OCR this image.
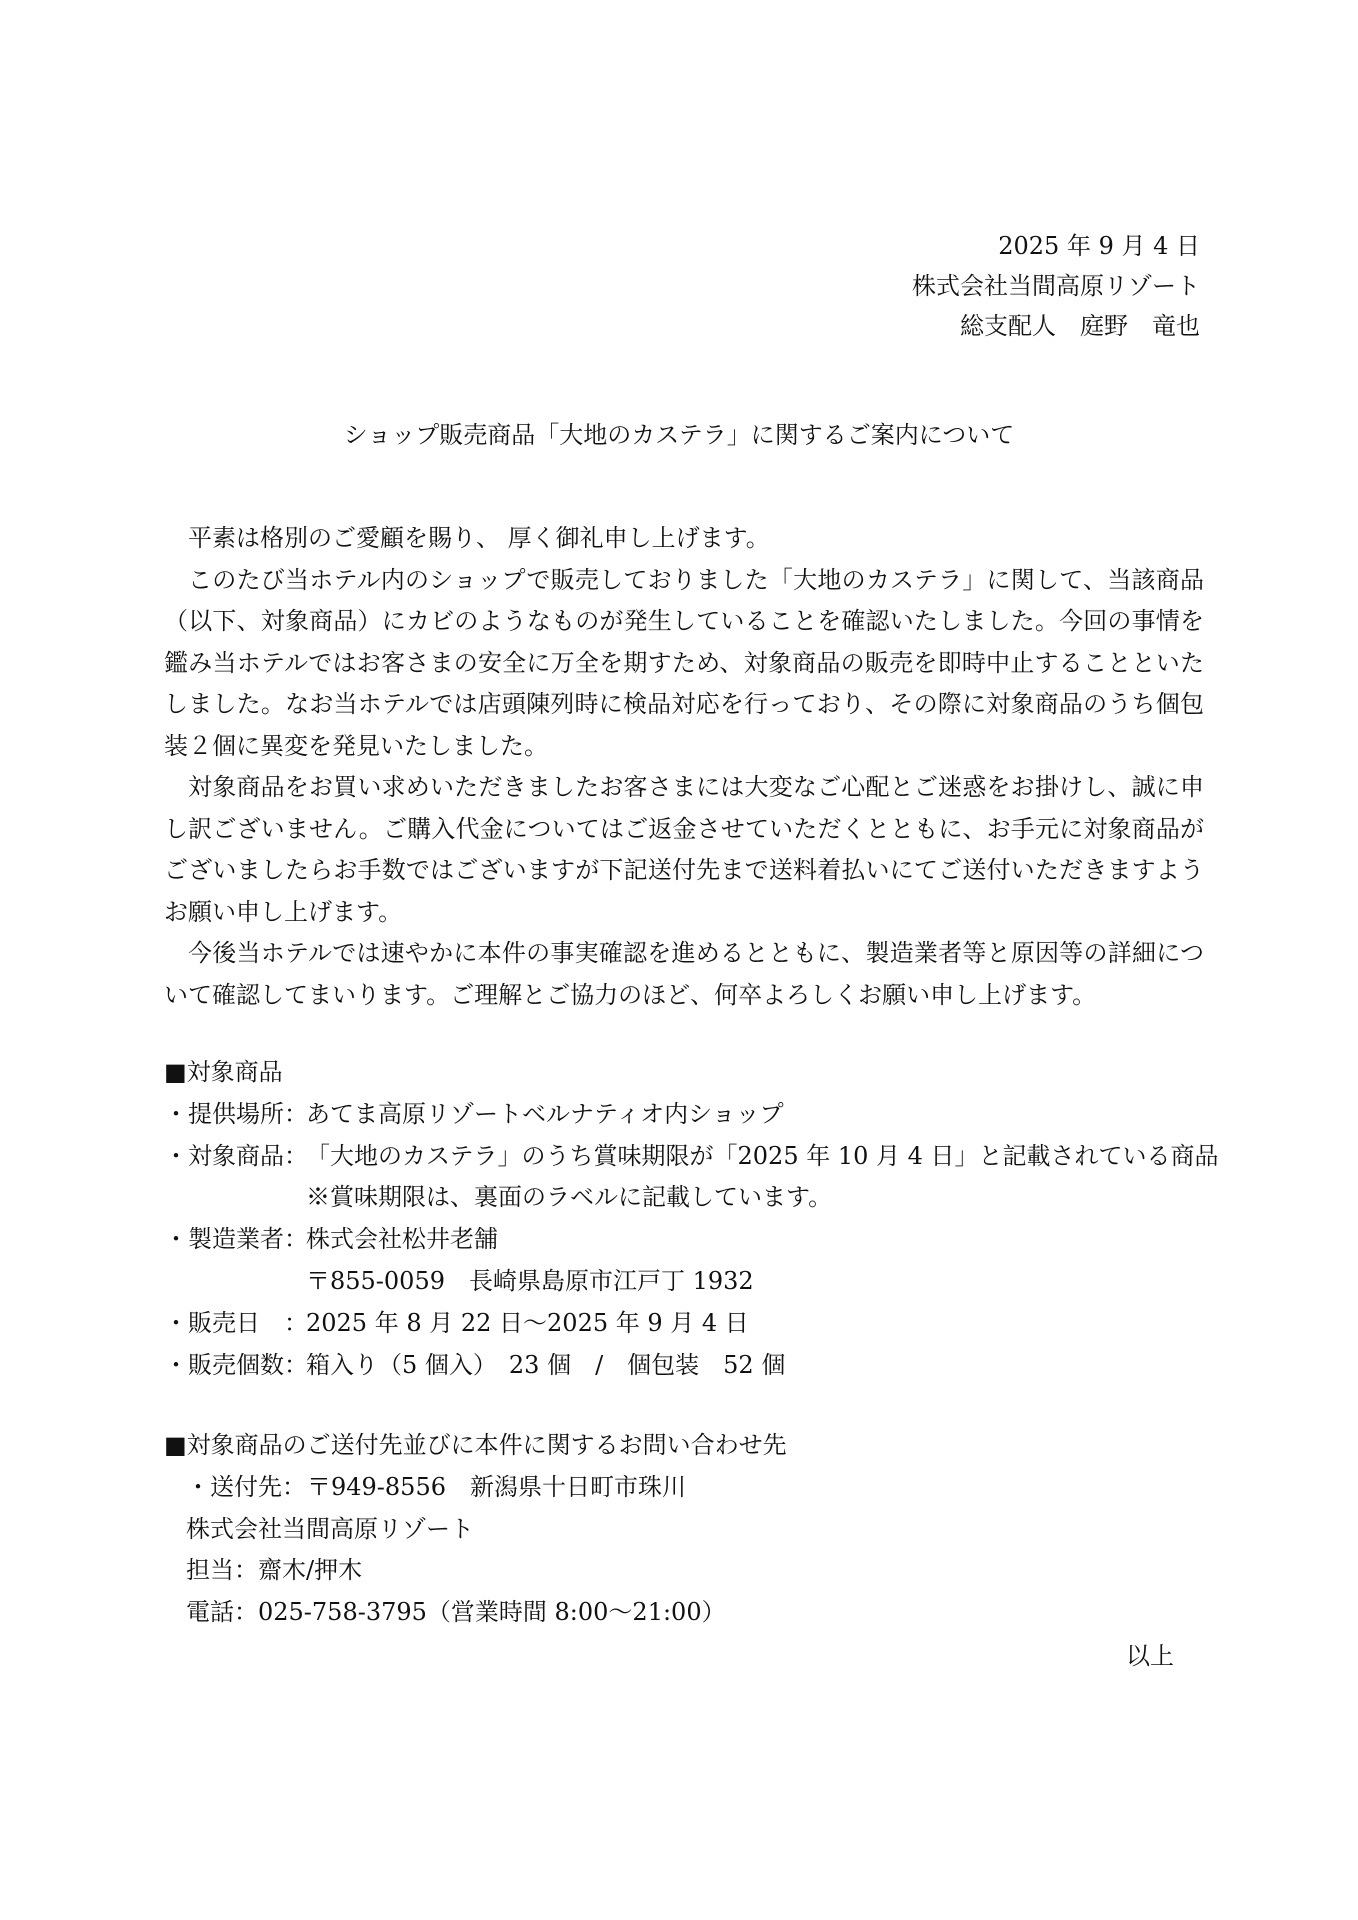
2025 年 9 月 4 日
株式会社当間高原リゾート
総支配人　庭野　竜也
ショップ販売商品「大地のカステラ」に関するご案内について

平素は格別のご愛顧を賜り、 厚く御礼申し上げます。

このたび当ホテル内のショップで販売しておりました「大地のカステラ」に関して、当該商品（以下、対象商品）にカビのようなものが発生していることを確認いたしました。今回の事情を鑑み当ホテルではお客さまの安全に万全を期すため、対象商品の販売を即時中止することといたしました。なお当ホテルでは店頭陳列時に検品対応を行っており、その際に対象商品のうち個包装２個に異変を発見いたしました。

対象商品をお買い求めいただきましたお客さまには大変なご心配とご迷惑をお掛けし、誠に申し訳ございません。ご購入代金についてはご返金させていただくとともに、お手元に対象商品がございましたらお手数ではございますが下記送付先まで送料着払いにてご送付いただきますようお願い申し上げます。

今後当ホテルでは速やかに本件の事実確認を進めるとともに、製造業者等と原因等の詳細について確認してまいります。ご理解とご協力のほど、何卒よろしくお願い申し上げます。

■対象商品
・提供場所：
あてま高原リゾートベルナティオ内ショップ
・対象商品：
「大地のカステラ」のうち賞味期限が「2025 年 10 月 4 日」と記載されている商品
※賞味期限は、裏面のラベルに記載しています。
・製造業者：
株式会社松井老舗
〒855-0059　長崎県島原市江戸丁 1932
・販売日　：
2025 年 8 月 22 日～2025 年 9 月 4 日
・販売個数：
箱入り（5 個入）　23 個　/　個包装　52 個
■対象商品のご送付先並びに本件に関するお問い合わせ先
・送付先： 〒949-8556　新潟県十日町市珠川
株式会社当間高原リゾート
担当：齋木/押木
電話：025-758-3795（営業時間 8:00～21:00）
以上
